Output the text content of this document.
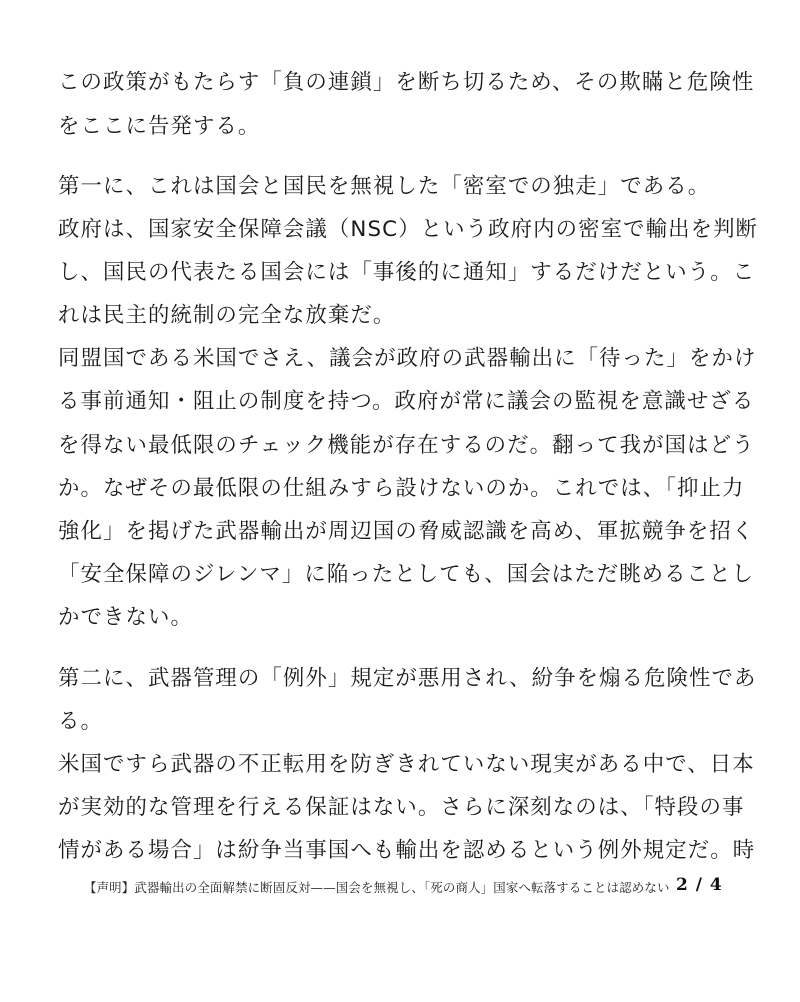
この政策がもたらす「負の連鎖」を断ち切るため、その欺瞞と危険性
をここに告発する。
第一に、これは国会と国民を無視した「密室での独走」である。
政府は、国家安全保障会議（NSC）という政府内の密室で輸出を判断
し、国民の代表たる国会には「事後的に通知」するだけだという。こ
れは民主的統制の完全な放棄だ。
同盟国である米国でさえ、議会が政府の武器輸出に「待った」をかけ
る事前通知・阻止の制度を持つ。政府が常に議会の監視を意識せざる
を得ない最低限のチェック機能が存在するのだ。翻って我が国はどう
か。なぜその最低限の仕組みすら設けないのか。これでは、「抑止力
強化」を掲げた武器輸出が周辺国の脅威認識を高め、軍拡競争を招く
「安全保障のジレンマ」に陥ったとしても、国会はただ眺めることし
かできない。
第二に、武器管理の「例外」規定が悪用され、紛争を煽る危険性であ
る。
米国ですら武器の不正転用を防ぎきれていない現実がある中で、日本
が実効的な管理を行える保証はない。さらに深刻なのは、「特段の事
情がある場合」は紛争当事国へも輸出を認めるという例外規定だ。時
【声明】武器輸出の全面解禁に断固反対——国会を無視し、「死の商人」国家へ転落することは認めない 2 / 4
